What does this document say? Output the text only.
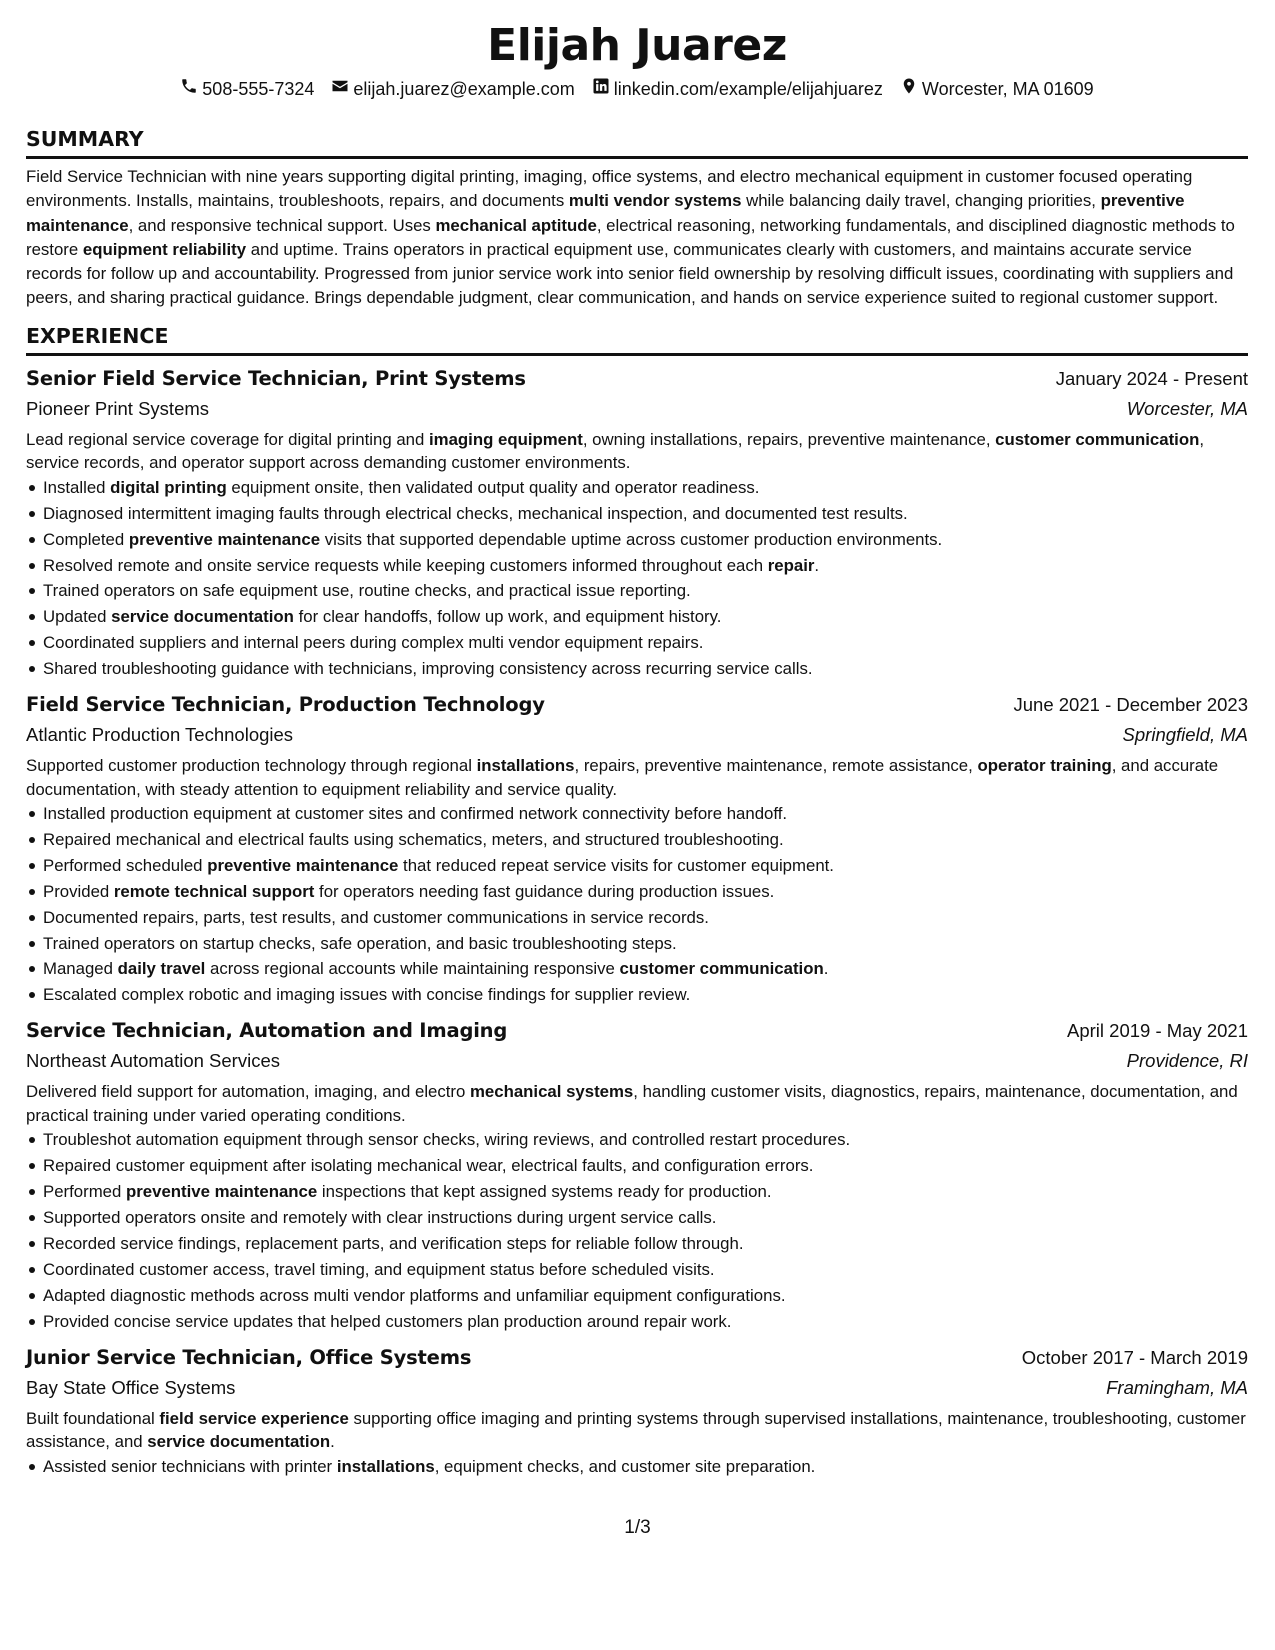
Elijah Juarez
508-555-7324 elijah.juarez@example.com linkedin.com/example/elijahjuarez Worcester, MA 01609
SUMMARY

Field Service Technician with nine years supporting digital printing, imaging, office systems, and electro mechanical equipment in customer focused operating environments. Installs, maintains, troubleshoots, repairs, and documents multi vendor systems while balancing daily travel, changing priorities, preventive maintenance, and responsive technical support. Uses mechanical aptitude, electrical reasoning, networking fundamentals, and disciplined diagnostic methods to restore equipment reliability and uptime. Trains operators in practical equipment use, communicates clearly with customers, and maintains accurate service records for follow up and accountability. Progressed from junior service work into senior field ownership by resolving difficult issues, coordinating with suppliers and peers, and sharing practical guidance. Brings dependable judgment, clear communication, and hands on service experience suited to regional customer support.

EXPERIENCE
Senior Field Service Technician, Print Systems	January 2024 - Present
Pioneer Print Systems	Worcester, MA

Lead regional service coverage for digital printing and imaging equipment, owning installations, repairs, preventive maintenance, customer communication, service records, and operator support across demanding customer environments.

Installed digital printing equipment onsite, then validated output quality and operator readiness.
Diagnosed intermittent imaging faults through electrical checks, mechanical inspection, and documented test results.
Completed preventive maintenance visits that supported dependable uptime across customer production environments.
Resolved remote and onsite service requests while keeping customers informed throughout each repair.
Trained operators on safe equipment use, routine checks, and practical issue reporting.
Updated service documentation for clear handoffs, follow up work, and equipment history.
Coordinated suppliers and internal peers during complex multi vendor equipment repairs.
Shared troubleshooting guidance with technicians, improving consistency across recurring service calls.
Field Service Technician, Production Technology	June 2021 - December 2023
Atlantic Production Technologies	Springfield, MA

Supported customer production technology through regional installations, repairs, preventive maintenance, remote assistance, operator training, and accurate documentation, with steady attention to equipment reliability and service quality.

Installed production equipment at customer sites and confirmed network connectivity before handoff.
Repaired mechanical and electrical faults using schematics, meters, and structured troubleshooting.
Performed scheduled preventive maintenance that reduced repeat service visits for customer equipment.
Provided remote technical support for operators needing fast guidance during production issues.
Documented repairs, parts, test results, and customer communications in service records.
Trained operators on startup checks, safe operation, and basic troubleshooting steps.
Managed daily travel across regional accounts while maintaining responsive customer communication.
Escalated complex robotic and imaging issues with concise findings for supplier review.
Service Technician, Automation and Imaging	April 2019 - May 2021
Northeast Automation Services	Providence, RI

Delivered field support for automation, imaging, and electro mechanical systems, handling customer visits, diagnostics, repairs, maintenance, documentation, and practical training under varied operating conditions.

Troubleshot automation equipment through sensor checks, wiring reviews, and controlled restart procedures.
Repaired customer equipment after isolating mechanical wear, electrical faults, and configuration errors.
Performed preventive maintenance inspections that kept assigned systems ready for production.
Supported operators onsite and remotely with clear instructions during urgent service calls.
Recorded service findings, replacement parts, and verification steps for reliable follow through.
Coordinated customer access, travel timing, and equipment status before scheduled visits.
Adapted diagnostic methods across multi vendor platforms and unfamiliar equipment configurations.
Provided concise service updates that helped customers plan production around repair work.
Junior Service Technician, Office Systems	October 2017 - March 2019
Bay State Office Systems	Framingham, MA

Built foundational field service experience supporting office imaging and printing systems through supervised installations, maintenance, troubleshooting, customer assistance, and service documentation.

Assisted senior technicians with printer installations, equipment checks, and customer site preparation.
1/3
